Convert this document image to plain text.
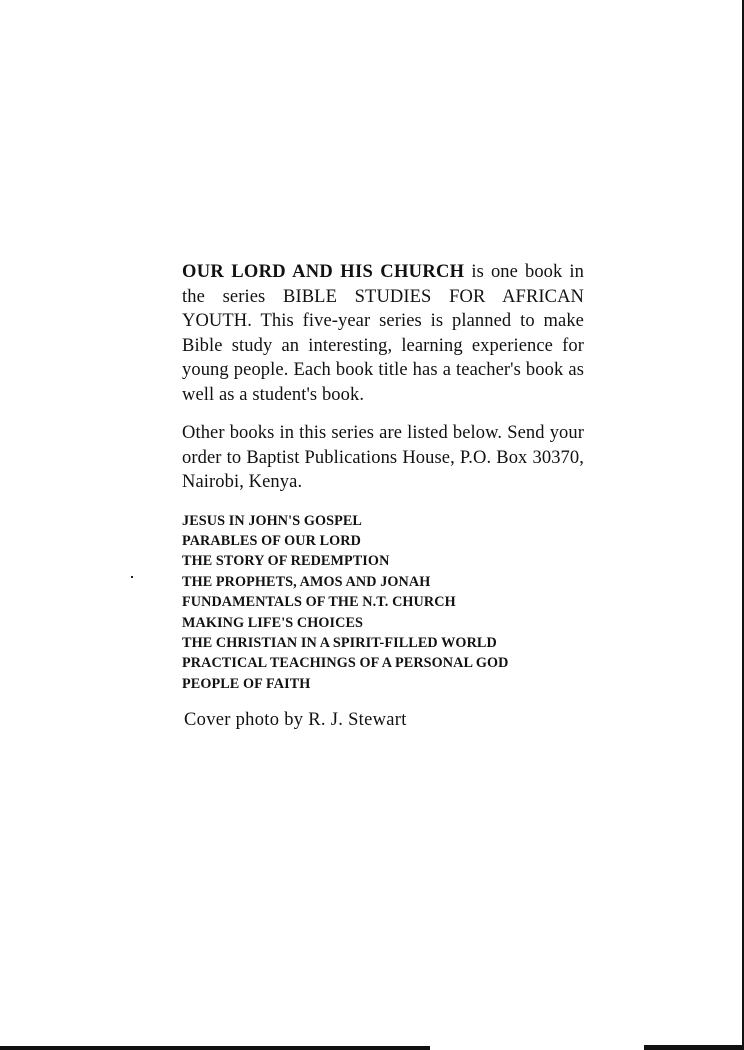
OUR LORD AND HIS CHURCH is one book in the series BIBLE STUDIES FOR AFRICAN YOUTH. This five-year series is planned to make Bible study an interesting, learning experience for young people. Each book title has a teacher's book as well as a student's book.

Other books in this series are listed below. Send your order to Baptist Publications House, P.O. Box 30370, Nairobi, Kenya.

JESUS IN JOHN'S GOSPEL
PARABLES OF OUR LORD
THE STORY OF REDEMPTION
THE PROPHETS, AMOS AND JONAH
FUNDAMENTALS OF THE N.T. CHURCH
MAKING LIFE'S CHOICES
THE CHRISTIAN IN A SPIRIT-FILLED WORLD
PRACTICAL TEACHINGS OF A PERSONAL GOD
PEOPLE OF FAITH

Cover photo by R. J. Stewart
